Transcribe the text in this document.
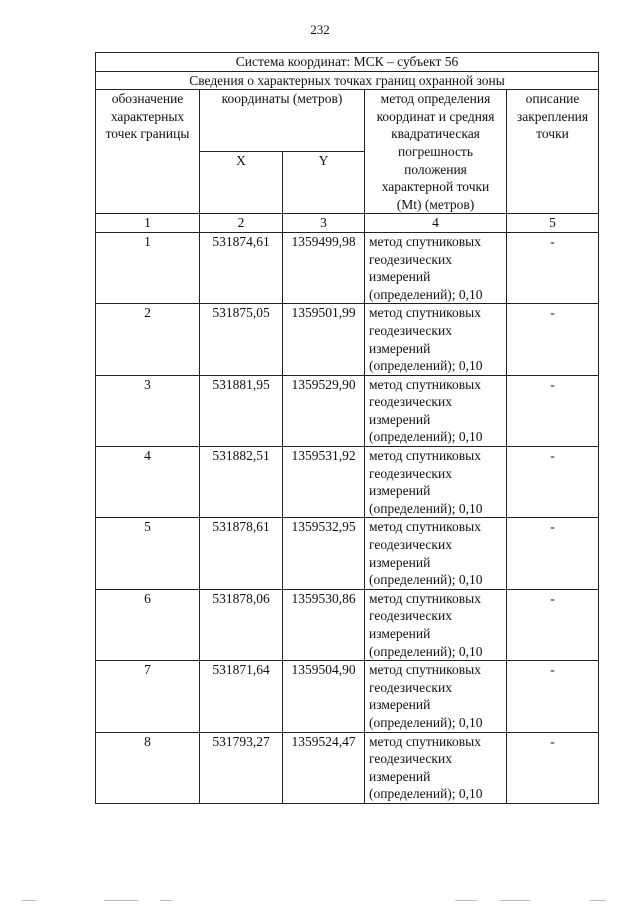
232
Система координат: МСК – субъект 56				
Сведения о характерных точках границ охранной зоны				
обозначение характерных точек границы	координаты (метров)		метод определения координат и средняя квадратическая погрешность положения характерной точки (Mt) (метров)	описание закрепления точки
	X	Y		
1	2	3	4	5
1	531874,61	1359499,98	метод спутниковых геодезических измерений (определений); 0,10	-
2	531875,05	1359501,99	метод спутниковых геодезических измерений (определений); 0,10	-
3	531881,95	1359529,90	метод спутниковых геодезических измерений (определений); 0,10	-
4	531882,51	1359531,92	метод спутниковых геодезических измерений (определений); 0,10	-
5	531878,61	1359532,95	метод спутниковых геодезических измерений (определений); 0,10	-
6	531878,06	1359530,86	метод спутниковых геодезических измерений (определений); 0,10	-
7	531871,64	1359504,90	метод спутниковых геодезических измерений (определений); 0,10	-
8	531793,27	1359524,47	метод спутниковых геодезических измерений (определений); 0,10	-
